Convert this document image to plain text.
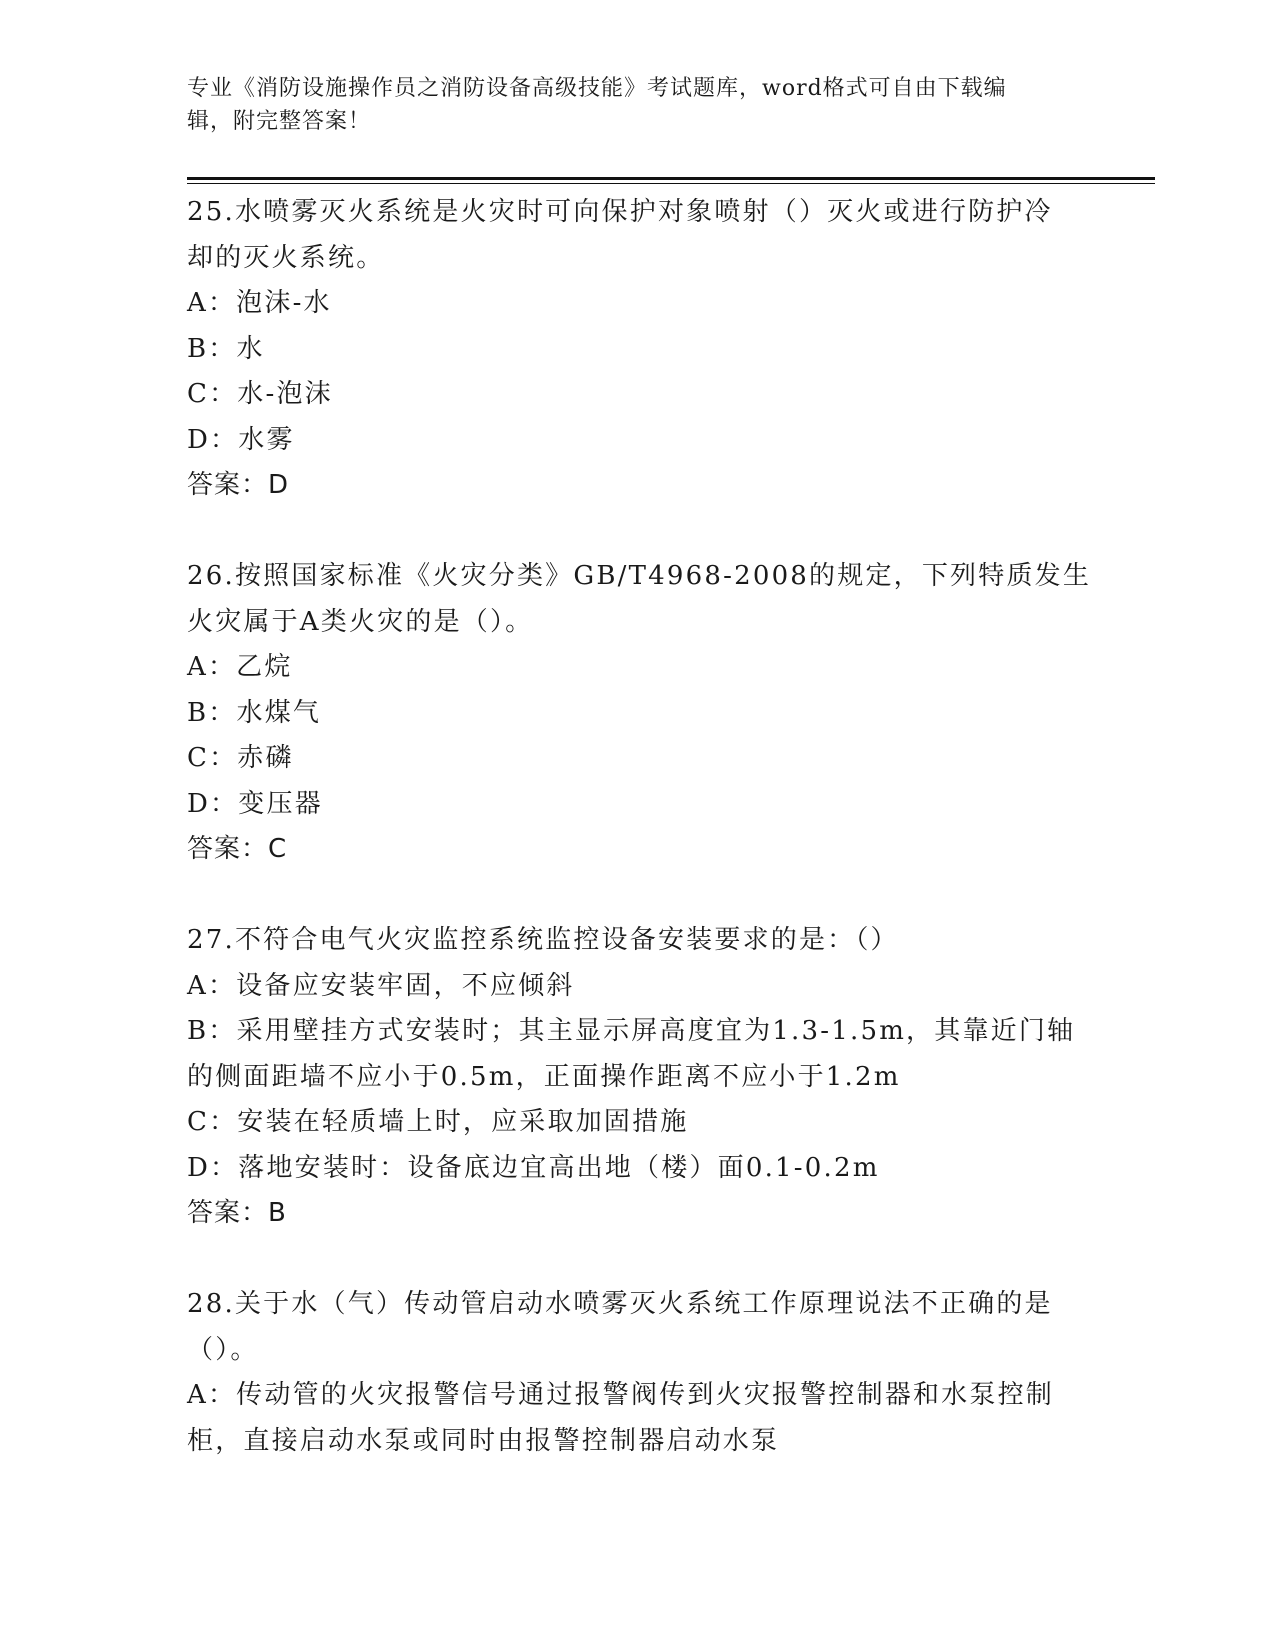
专业《消防设施操作员之消防设备高级技能》考试题库，word格式可自由下载编
辑，附完整答案！
25.水喷雾灭火系统是火灾时可向保护对象喷射（）灭火或进行防护冷
却的灭火系统。
A：泡沫-水
B：水
C：水-泡沫
D：水雾
答案：D
26.按照国家标准《火灾分类》GB/T4968-2008的规定，下列特质发生
火灾属于A类火灾的是（）。
A：乙烷
B：水煤气
C：赤磷
D：变压器
答案：C
27.不符合电气火灾监控系统监控设备安装要求的是：（）
A：设备应安装牢固，不应倾斜
B：采用壁挂方式安装时；其主显示屏高度宜为1.3-1.5m，其靠近门轴
的侧面距墙不应小于0.5m，正面操作距离不应小于1.2m
C：安装在轻质墙上时，应采取加固措施
D：落地安装时：设备底边宜高出地（楼）面0.1-0.2m
答案：B
28.关于水（气）传动管启动水喷雾灭火系统工作原理说法不正确的是
（）。
A：传动管的火灾报警信号通过报警阀传到火灾报警控制器和水泵控制
柜，直接启动水泵或同时由报警控制器启动水泵
